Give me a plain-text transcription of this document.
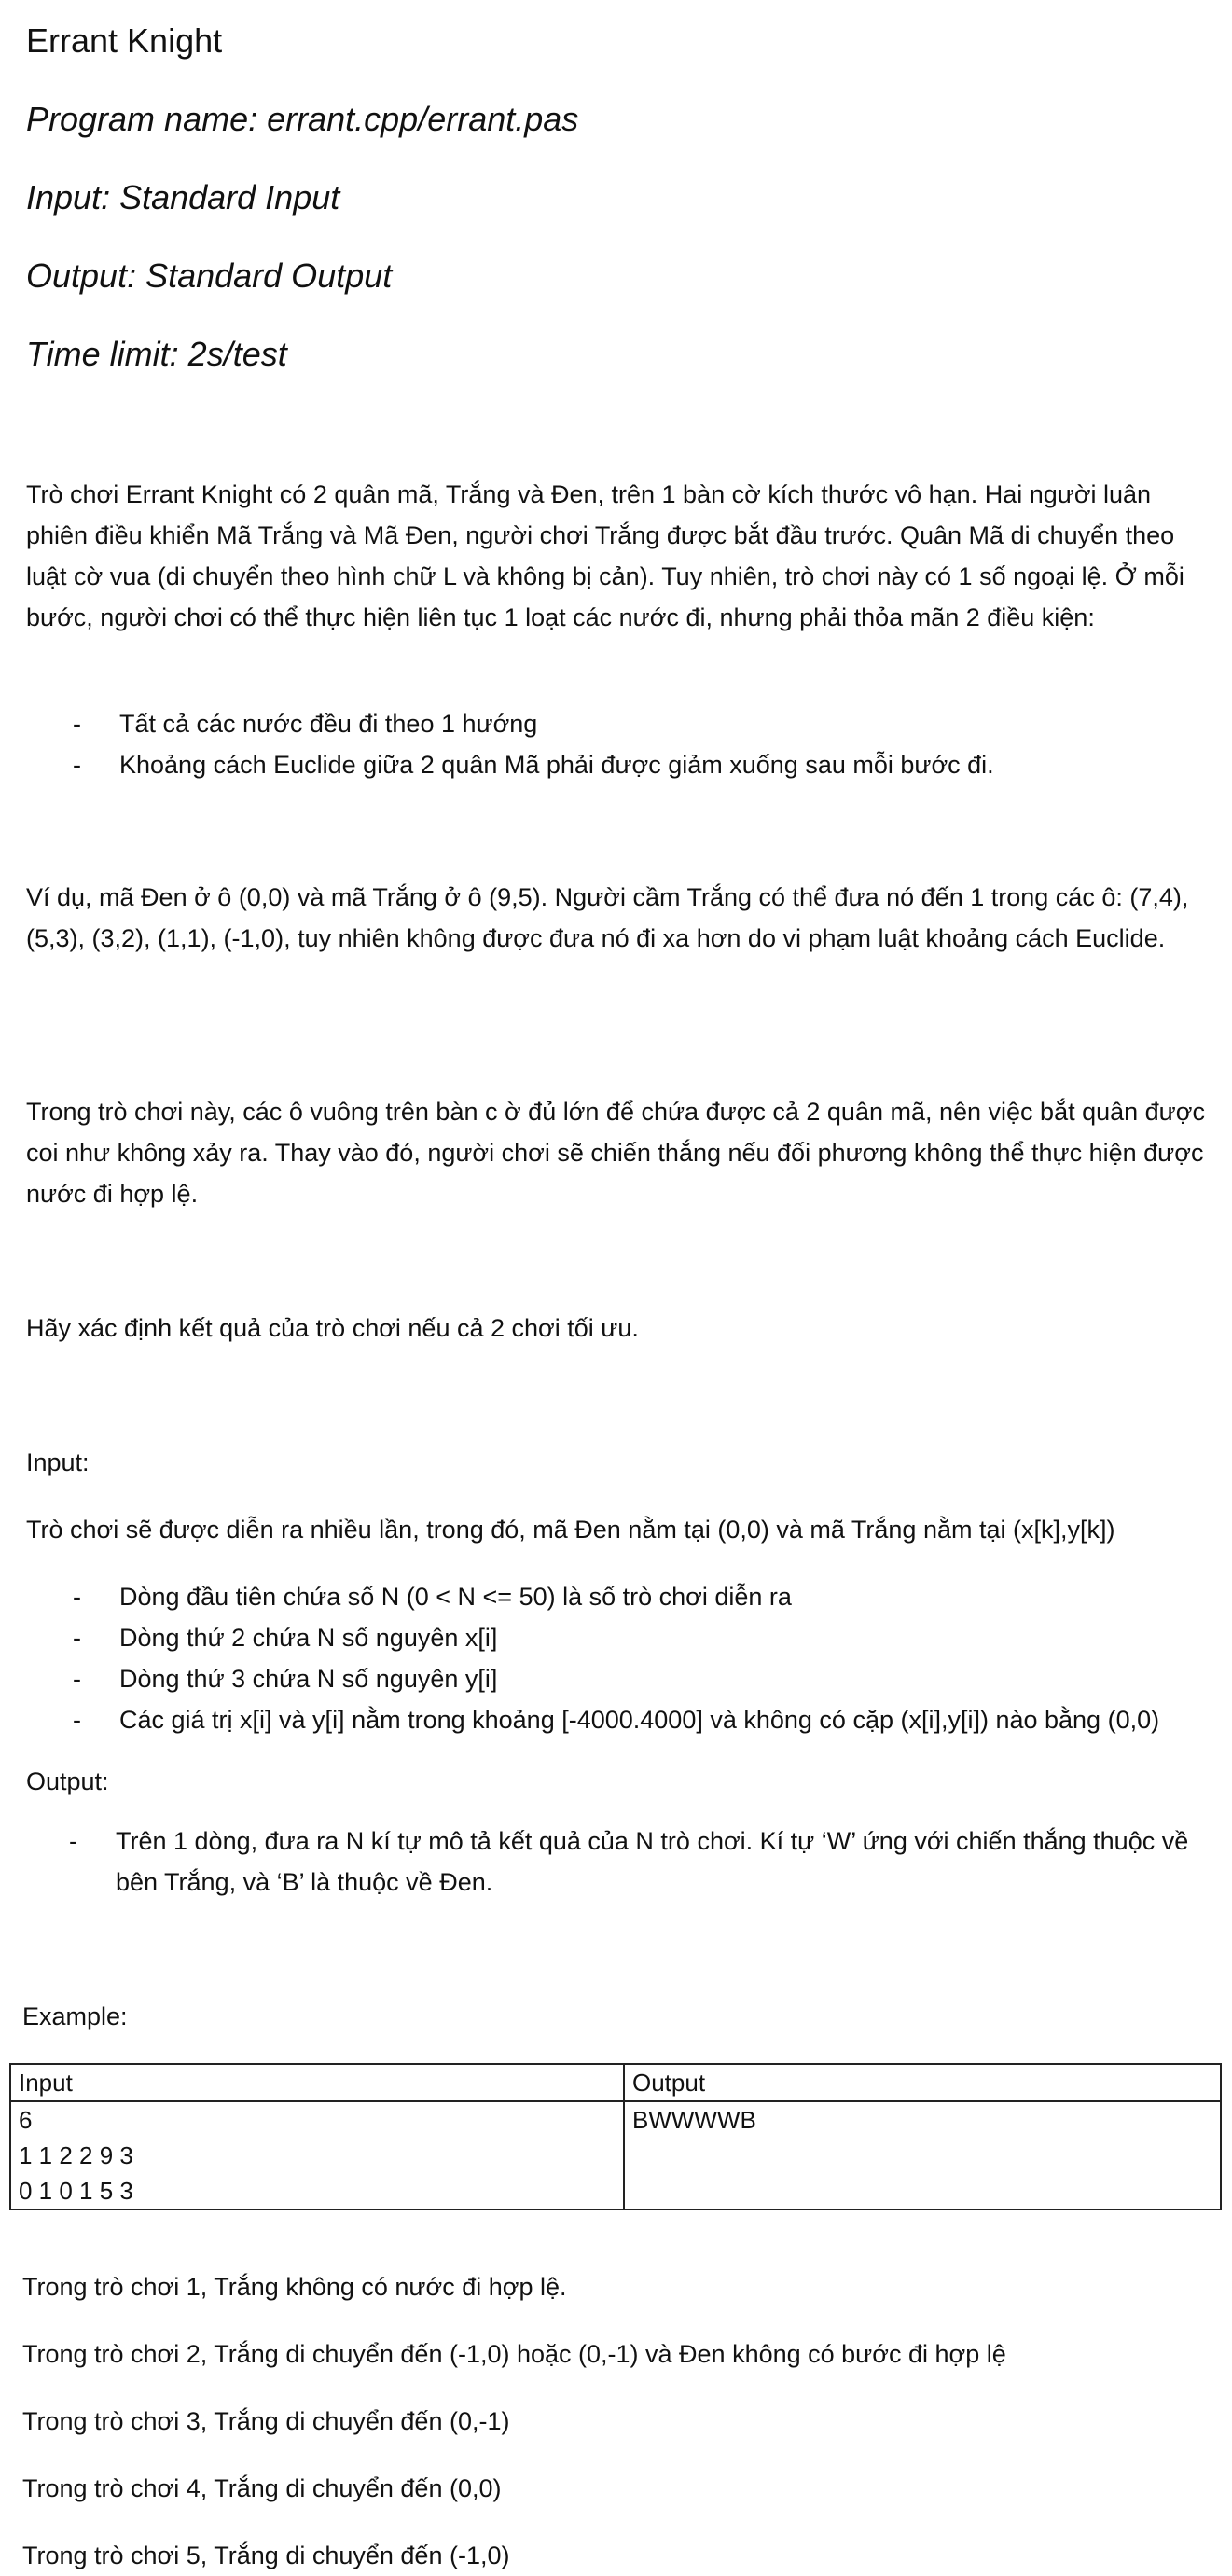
Errant Knight
Program name: errant.cpp/errant.pas
Input: Standard Input
Output: Standard Output
Time limit: 2s/test
Trò chơi Errant Knight có 2 quân mã, Trắng và Đen, trên 1 bàn cờ kích thước vô hạn. Hai người luân phiên điều khiển Mã Trắng và Mã Đen, người chơi Trắng được bắt đầu trước. Quân Mã di chuyển theo luật cờ vua (di chuyển theo hình chữ L và không bị cản). Tuy nhiên, trò chơi này có 1 số ngoại lệ. Ở mỗi bước, người chơi có thể thực hiện liên tục 1 loạt các nước đi, nhưng phải thỏa mãn 2 điều kiện:
- Tất cả các nước đều đi theo 1 hướng
- Khoảng cách Euclide giữa 2 quân Mã phải được giảm xuống sau mỗi bước đi.
Ví dụ, mã Đen ở ô (0,0) và mã Trắng ở ô (9,5). Người cầm Trắng có thể đưa nó đến 1 trong các ô: (7,4), (5,3), (3,2), (1,1), (-1,0), tuy nhiên không được đưa nó đi xa hơn do vi phạm luật khoảng cách Euclide.
Trong trò chơi này, các ô vuông trên bàn c ờ đủ lớn để chứa được cả 2 quân mã, nên việc bắt quân được coi như không xảy ra. Thay vào đó, người chơi sẽ chiến thắng nếu đối phương không thể thực hiện được nước đi hợp lệ.
Hãy xác định kết quả của trò chơi nếu cả 2 chơi tối ưu.
Input:
Trò chơi sẽ được diễn ra nhiều lần, trong đó, mã Đen nằm tại (0,0) và mã Trắng nằm tại (x[k],y[k])
- Dòng đầu tiên chứa số N (0 < N <= 50) là số trò chơi diễn ra
- Dòng thứ 2 chứa N số nguyên x[i]
- Dòng thứ 3 chứa N số nguyên y[i]
- Các giá trị x[i] và y[i] nằm trong khoảng [-4000.4000] và không có cặp (x[i],y[i]) nào bằng (0,0)
Output:
- Trên 1 dòng, đưa ra N kí tự mô tả kết quả của N trò chơi. Kí tự ‘W’ ứng với chiến thắng thuộc về bên Trắng, và ‘B’ là thuộc về Đen.
Example:
Input	Output

6
1 1 2 2 9 3
0 1 0 1 5 3	BWWWWB
Trong trò chơi 1, Trắng không có nước đi hợp lệ.
Trong trò chơi 2, Trắng di chuyển đến (-1,0) hoặc (0,-1) và Đen không có bước đi hợp lệ
Trong trò chơi 3, Trắng di chuyển đến (0,-1)
Trong trò chơi 4, Trắng di chuyển đến (0,0)
Trong trò chơi 5, Trắng di chuyển đến (-1,0)
